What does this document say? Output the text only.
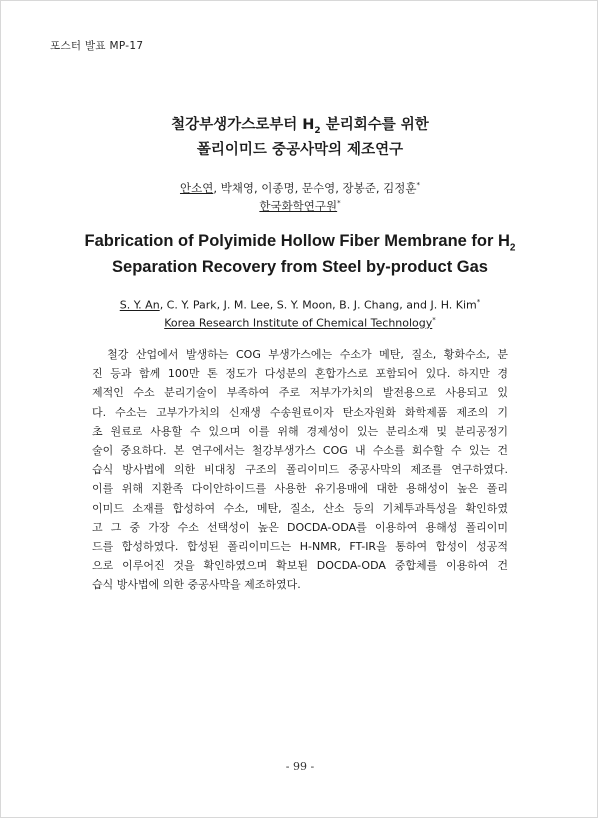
포스터 발표 MP-17
철강부생가스로부터 $H_2$ 분리회수를 위한
폴리이미드 중공사막의 제조연구
안소연, 박채영, 이종명, 문수영, 장봉준, 김정훈*
한국화학연구원*
Fabrication of Polyimide Hollow Fiber Membrane for $H_2$
Separation Recovery from Steel by-product Gas
S. Y. An, C. Y. Park, J. M. Lee, S. Y. Moon, B. J. Chang, and J. H. Kim*
Korea Research Institute of Chemical Technology*
　철강 산업에서 발생하는 COG 부생가스에는 수소가 메탄, 질소, 황화수소, 분
진 등과 함께 100만 톤 정도가 다성분의 혼합가스로 포함되어 있다. 하지만 경
제적인 수소 분리기술이 부족하여 주로 저부가가치의 발전용으로 사용되고 있
다. 수소는 고부가가치의 신재생 수송원료이자 탄소자원화 화학제품 제조의 기
초 원료로 사용할 수 있으며 이를 위해 경제성이 있는 분리소재 및 분리공정기
술이 중요하다. 본 연구에서는 철강부생가스 COG 내 수소를 회수할 수 있는 건
습식 방사법에 의한 비대칭 구조의 폴리이미드 중공사막의 제조를 연구하였다.
이를 위해 지환족 다이안하이드를 사용한 유기용매에 대한 용해성이 높은 폴리
이미드 소재를 합성하여 수소, 메탄, 질소, 산소 등의 기체투과특성을 확인하였
고 그 중 가장 수소 선택성이 높은 DOCDA-ODA를 이용하여 용해성 폴리이미
드를 합성하였다. 합성된 폴리이미드는 H-NMR, FT-IR을 통하여 합성이 성공적
으로 이루어진 것을 확인하였으며 확보된 DOCDA-ODA 중합체를 이용하여 건
습식 방사법에 의한 중공사막을 제조하였다.
- 99 -
